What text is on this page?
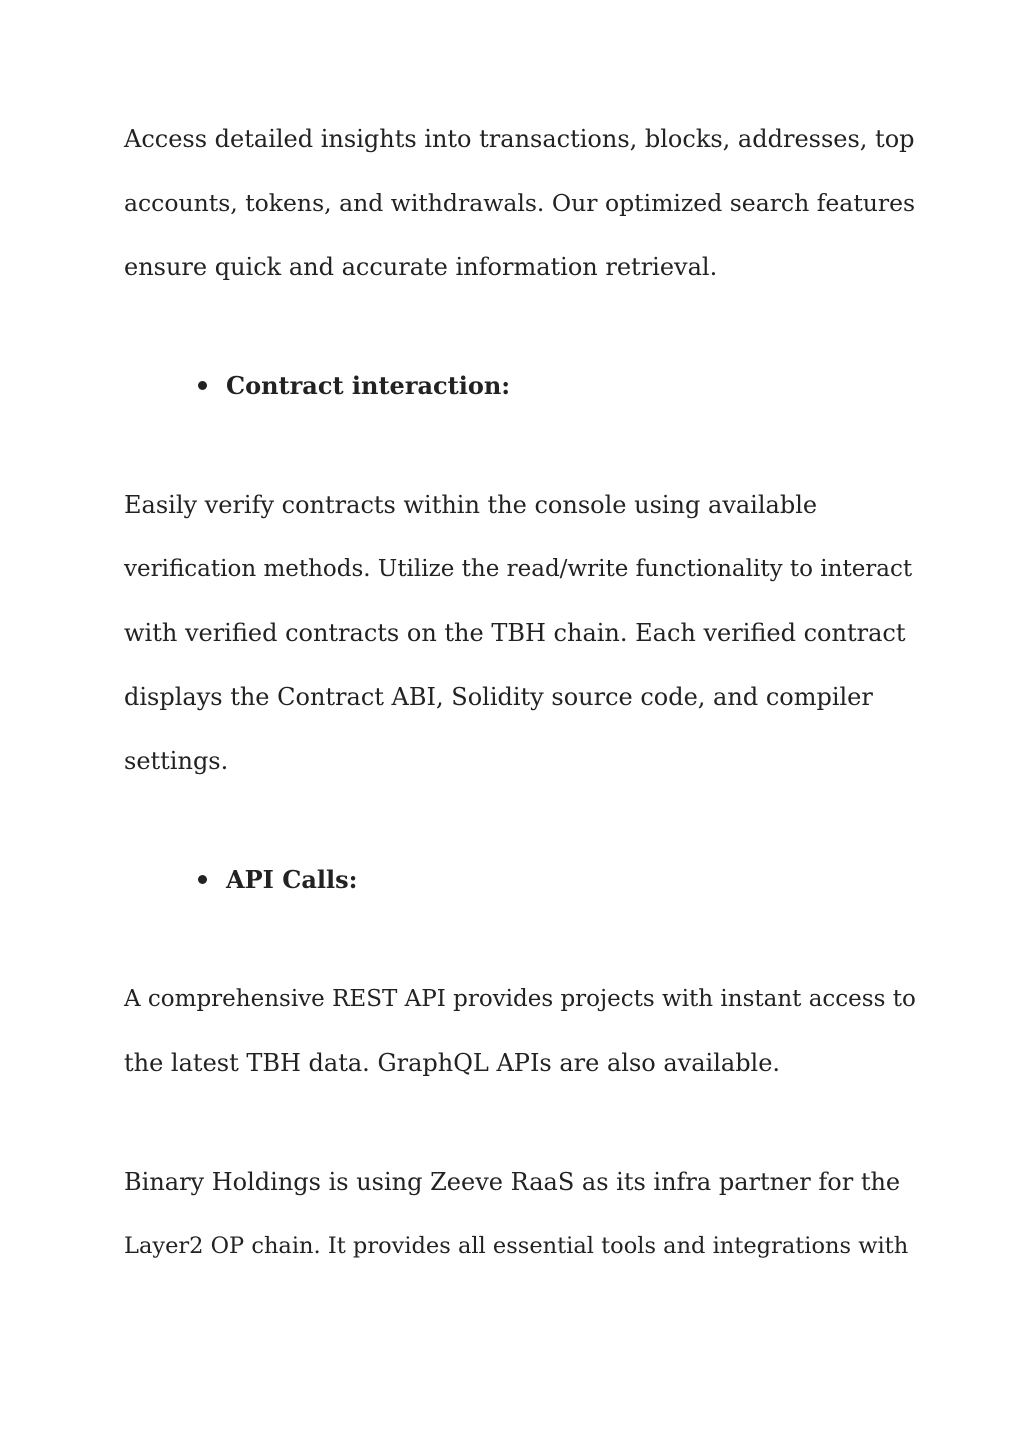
Access detailed insights into transactions, blocks, addresses, top
accounts, tokens, and withdrawals. Our optimized search features
ensure quick and accurate information retrieval.

Contract interaction:

Easily verify contracts within the console using available
verification methods. Utilize the read/write functionality to interact
with verified contracts on the TBH chain. Each verified contract
displays the Contract ABI, Solidity source code, and compiler
settings.

API Calls:

A comprehensive REST API provides projects with instant access to
the latest TBH data. GraphQL APIs are also available.

Binary Holdings is using Zeeve RaaS as its infra partner for the
Layer2 OP chain. It provides all essential tools and integrations with
